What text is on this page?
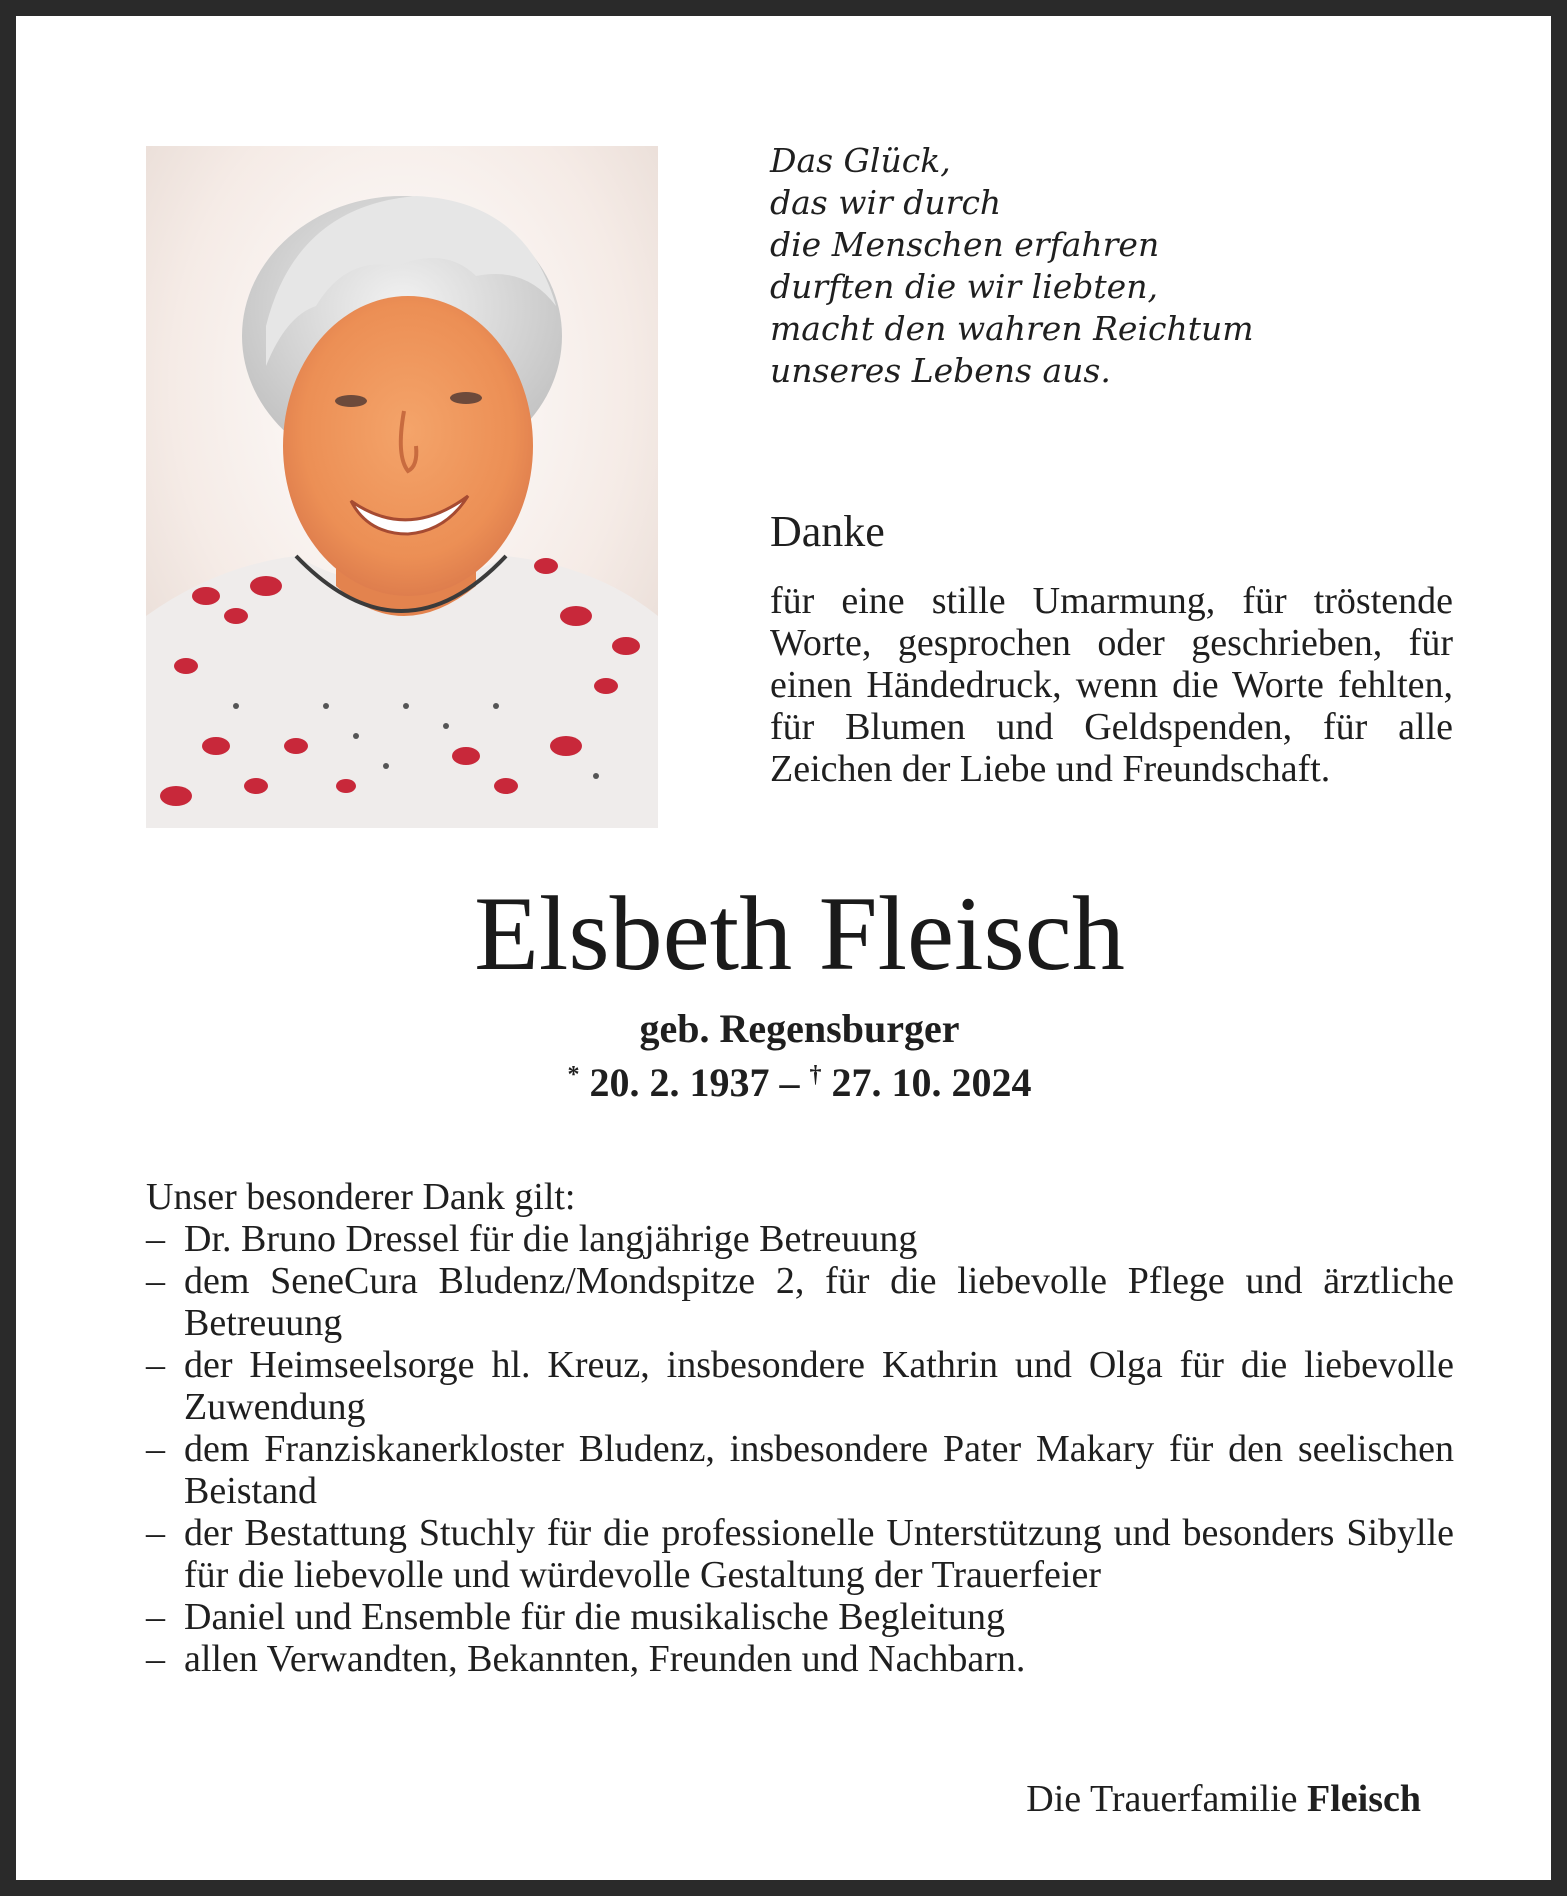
Das Glück,
das wir durch
die Menschen erfahren
durften die wir liebten,
macht den wahren Reichtum
unseres Lebens aus.
Danke
für eine stille Umarmung, für tröstende Worte, gesprochen oder geschrieben, für einen Händedruck, wenn die Worte fehlten, für Blumen und Geldspenden, für alle Zeichen der Liebe und Freundschaft.
Elsbeth Fleisch
geb. Regensburger
* 20. 2. 1937 – † 27. 10. 2024
Unser besonderer Dank gilt:
– Dr. Bruno Dressel für die langjährige Betreuung
– dem SeneCura Bludenz/Mondspitze 2, für die liebevolle Pflege und ärztliche Betreuung
– der Heimseelsorge hl. Kreuz, insbesondere Kathrin und Olga für die liebevolle Zuwendung
– dem Franziskanerkloster Bludenz, insbesondere Pater Makary für den seelischen Beistand
– der Bestattung Stuchly für die professionelle Unterstützung und besonders Sibylle für die liebevolle und würdevolle Gestaltung der Trauerfeier
– Daniel und Ensemble für die musikalische Begleitung
– allen Verwandten, Bekannten, Freunden und Nachbarn.
Die Trauerfamilie Fleisch
